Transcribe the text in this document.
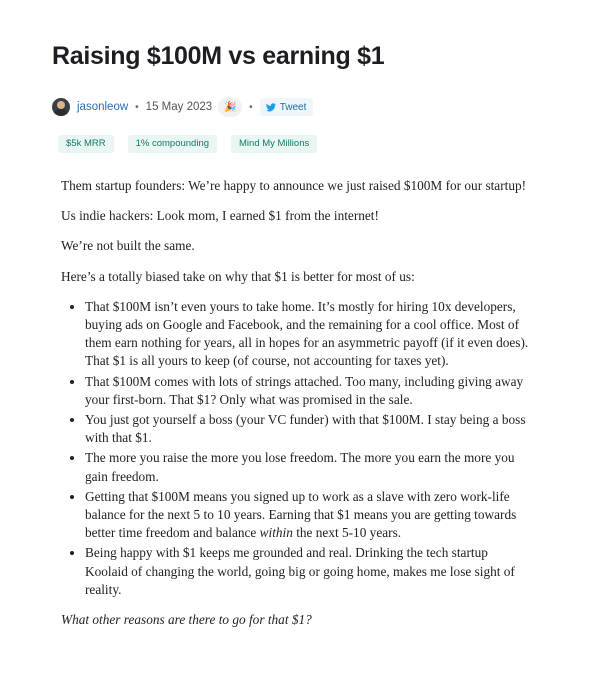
Raising $100M vs earning $1
jasonleow • 15 May 2023	🎉	•	Tweet
$5k MRR	1% compounding	Mind My Millions

Them startup founders: We’re happy to announce we just raised $100M for our startup!

Us indie hackers: Look mom, I earned $1 from the internet!

We’re not built the same.

Here’s a totally biased take on why that $1 is better for most of us:

• That $100M isn’t even yours to take home. It’s mostly for hiring 10x developers, buying ads on Google and Facebook, and the remaining for a cool office. Most of them earn nothing for years, all in hopes for an asymmetric payoff (if it even does). That $1 is all yours to keep (of course, not accounting for taxes yet).
• That $100M comes with lots of strings attached. Too many, including giving away your first-born. That $1? Only what was promised in the sale.
• You just got yourself a boss (your VC funder) with that $100M. I stay being a boss with that $1.
• The more you raise the more you lose freedom. The more you earn the more you gain freedom.
• Getting that $100M means you signed up to work as a slave with zero work-life balance for the next 5 to 10 years. Earning that $1 means you are getting towards better time freedom and balance within the next 5-10 years.
• Being happy with $1 keeps me grounded and real. Drinking the tech startup Koolaid of changing the world, going big or going home, makes me lose sight of reality.

What other reasons are there to go for that $1?
